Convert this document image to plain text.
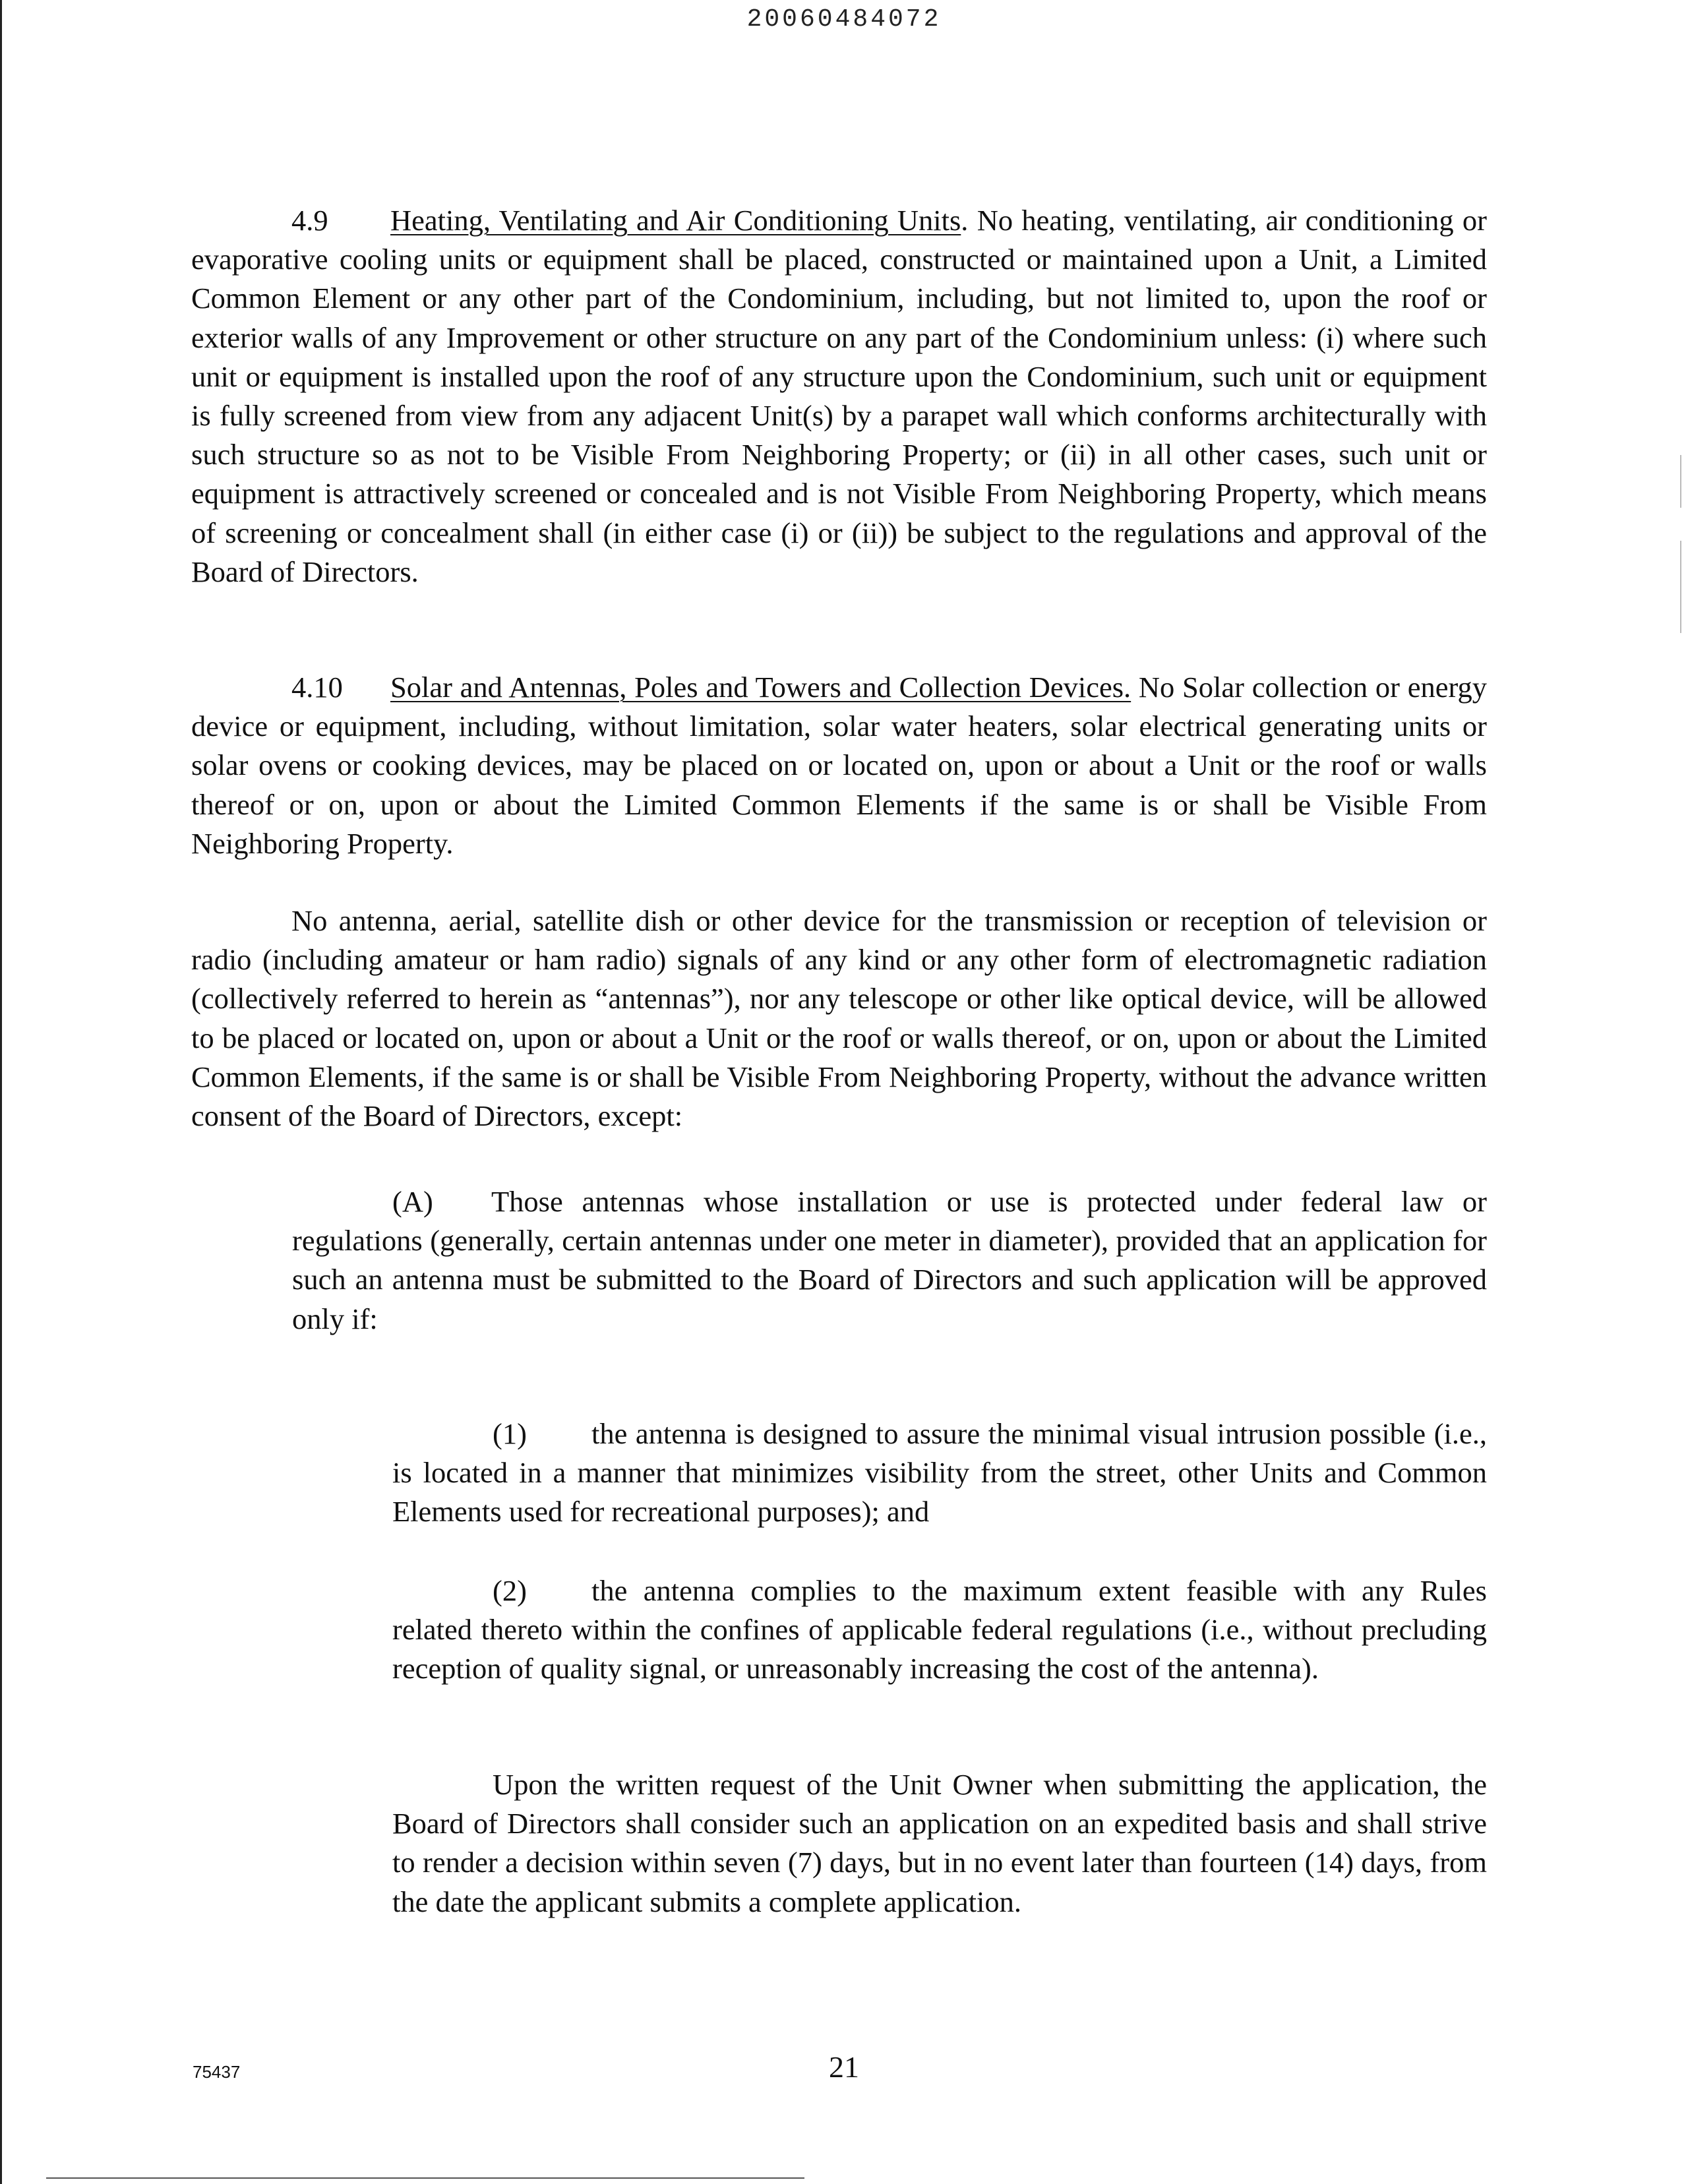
20060484072

4.9 Heating, Ventilating and Air Conditioning Units. No heating, ventilating, air conditioning or evaporative cooling units or equipment shall be placed, constructed or maintained upon a Unit, a Limited Common Element or any other part of the Condominium, including, but not limited to, upon the roof or exterior walls of any Improvement or other structure on any part of the Condominium unless: (i) where such unit or equipment is installed upon the roof of any structure upon the Condominium, such unit or equipment is fully screened from view from any adjacent Unit(s) by a parapet wall which conforms architecturally with such structure so as not to be Visible From Neighboring Property; or (ii) in all other cases, such unit or equipment is attractively screened or concealed and is not Visible From Neighboring Property, which means of screening or concealment shall (in either case (i) or (ii)) be subject to the regulations and approval of the Board of Directors.

4.10 Solar and Antennas, Poles and Towers and Collection Devices. No Solar collection or energy device or equipment, including, without limitation, solar water heaters, solar electrical generating units or solar ovens or cooking devices, may be placed on or located on, upon or about a Unit or the roof or walls thereof or on, upon or about the Limited Common Elements if the same is or shall be Visible From Neighboring Property.

No antenna, aerial, satellite dish or other device for the transmission or reception of television or radio (including amateur or ham radio) signals of any kind or any other form of electromagnetic radiation (collectively referred to herein as “antennas”), nor any telescope or other like optical device, will be allowed to be placed or located on, upon or about a Unit or the roof or walls thereof, or on, upon or about the Limited Common Elements, if the same is or shall be Visible From Neighboring Property, without the advance written consent of the Board of Directors, except:

(A) Those antennas whose installation or use is protected under federal law or regulations (generally, certain antennas under one meter in diameter), provided that an application for such an antenna must be submitted to the Board of Directors and such application will be approved only if:

(1) the antenna is designed to assure the minimal visual intrusion possible (i.e., is located in a manner that minimizes visibility from the street, other Units and Common Elements used for recreational purposes); and

(2) the antenna complies to the maximum extent feasible with any Rules related thereto within the confines of applicable federal regulations (i.e., without precluding reception of quality signal, or unreasonably increasing the cost of the antenna).

Upon the written request of the Unit Owner when submitting the application, the Board of Directors shall consider such an application on an expedited basis and shall strive to render a decision within seven (7) days, but in no event later than fourteen (14) days, from the date the applicant submits a complete application.

75437	21
